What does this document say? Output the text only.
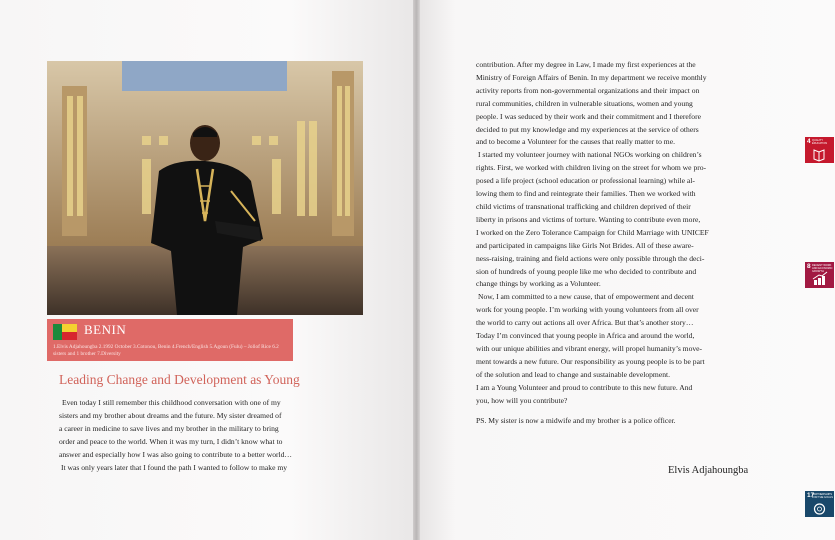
BENIN
1.Elvis Adjahoungba 2.1992 October 3.Cotonou, Benin 4.French/English 5.Agoun (Fulu) – Jollof Rice 6.2 sisters and 1 brother 7.Diversity
Leading Change and Development as Young

Even today I still remember this childhood conversation with one of my

sisters and my brother about dreams and the future. My sister dreamed of

a career in medicine to save lives and my brother in the military to bring

order and peace to the world. When it was my turn, I didn’t know what to

answer and especially how I was also going to contribute to a better world…

It was only years later that I found the path I wanted to follow to make my

contribution. After my degree in Law, I made my first experiences at the

Ministry of Foreign Affairs of Benin. In my department we receive monthly

activity reports from non-governmental organizations and their impact on

rural communities, children in vulnerable situations, women and young

people. I was seduced by their work and their commitment and I therefore

decided to put my knowledge and my experiences at the service of others

and to become a Volunteer for the causes that really matter to me.

I started my volunteer journey with national NGOs working on children’s

rights. First, we worked with children living on the street for whom we pro-

posed a life project (school education or professional learning) while al-

lowing them to find and reintegrate their families. Then we worked with

child victims of transnational trafficking and children deprived of their

liberty in prisons and victims of torture. Wanting to contribute even more,

I worked on the Zero Tolerance Campaign for Child Marriage with UNICEF

and participated in campaigns like Girls Not Brides. All of these aware-

ness-raising, training and field actions were only possible through the deci-

sion of hundreds of young people like me who decided to contribute and

change things by working as a Volunteer.

Now, I am committed to a new cause, that of empowerment and decent

work for young people. I’m working with young volunteers from all over

the world to carry out actions all over Africa. But that’s another story…

Today I’m convinced that young people in Africa and around the world,

with our unique abilities and vibrant energy, will propel humanity’s move-

ment towards a new future. Our responsibility as young people is to be part

of the solution and lead to change and sustainable development.

I am a Young Volunteer and proud to contribute to this new future. And

you, how will you contribute?

PS. My sister is now a midwife and my brother is a police officer.
Elvis Adjahoungba
4 QUALITY EDUCATION
8 DECENT WORK AND ECONOMIC GROWTH
17
PARTNERSHIPS FOR THE GOALS
